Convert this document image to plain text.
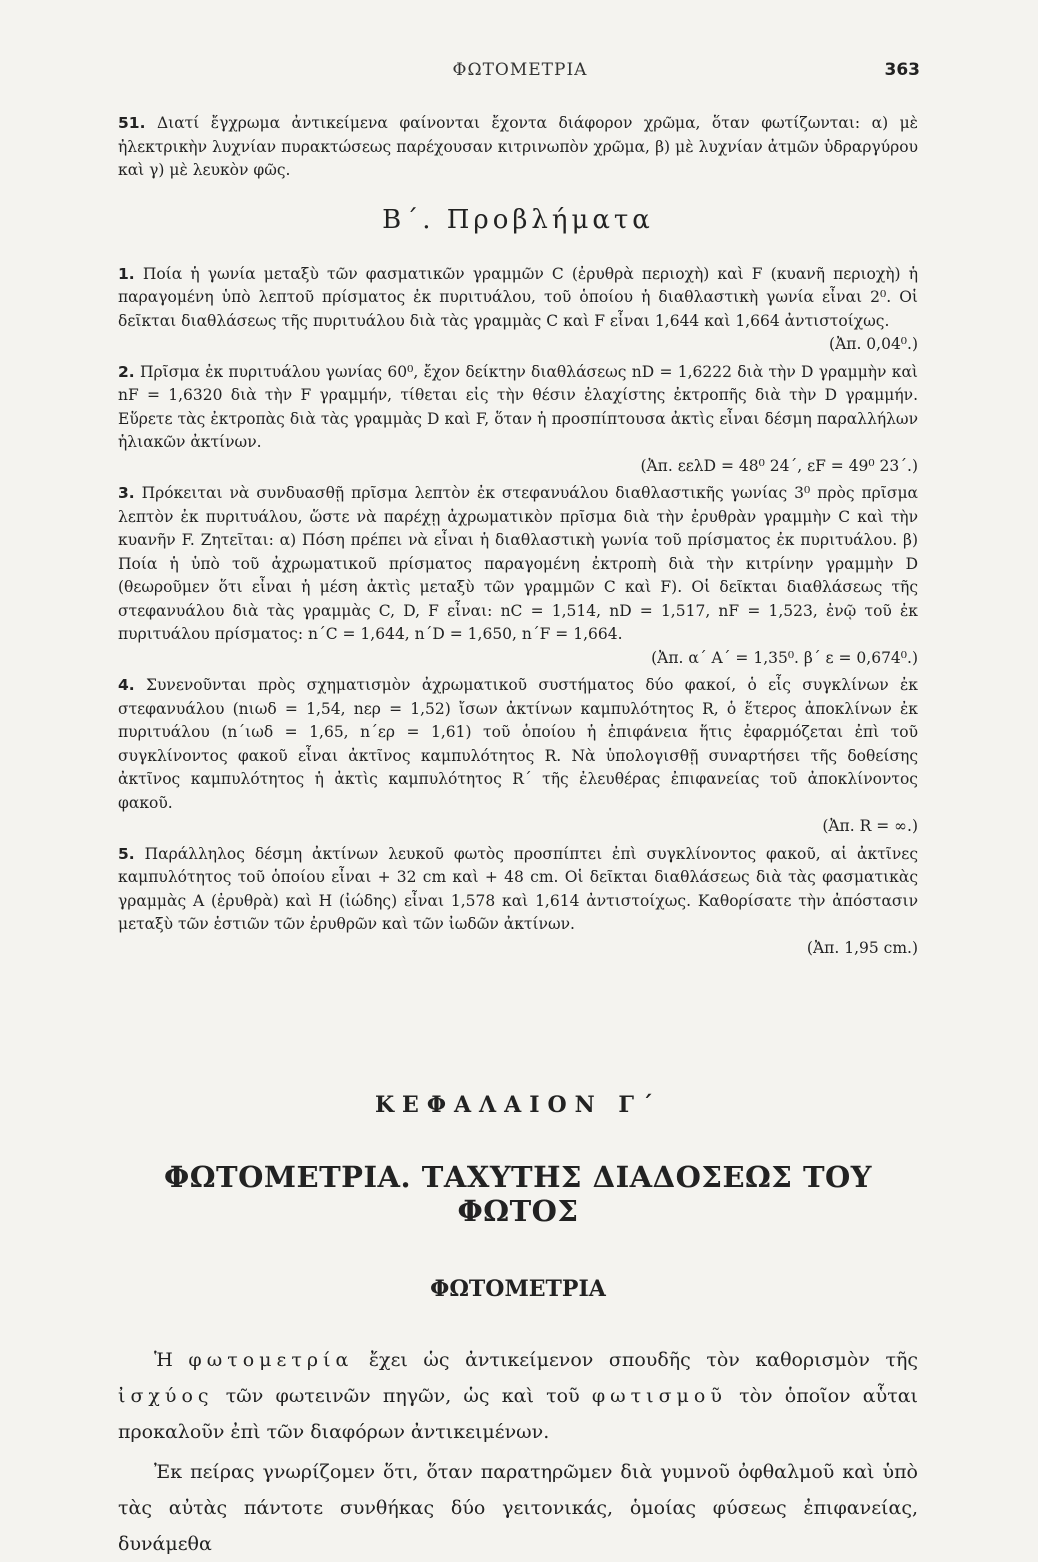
ΦΩΤΟΜΕΤΡΙΑ	363

51. Διατί ἔγχρωμα ἀντικείμενα φαίνονται ἔχοντα διάφορον χρῶμα, ὅταν φωτίζωνται: α) μὲ ἠλεκτρικὴν λυχνίαν πυρακτώσεως παρέχουσαν κιτρινωπὸν χρῶμα, β) μὲ λυχνίαν ἀτμῶν ὑδραργύρου καὶ γ) μὲ λευκὸν φῶς.

Β΄. Προβλήματα

1. Ποία ἡ γωνία μεταξὺ τῶν φασματικῶν γραμμῶν C (ἐρυθρὰ περιοχὴ) καὶ F (κυανῆ περιοχὴ) ἡ παραγομένη ὑπὸ λεπτοῦ πρίσματος ἐκ πυριτυάλου, τοῦ ὁποίου ἡ διαθλαστικὴ γωνία εἶναι 2⁰. Οἱ δεῖκται διαθλάσεως τῆς πυριτυάλου διὰ τὰς γραμμὰς C καὶ F εἶναι 1,644 καὶ 1,664 ἀντιστοίχως.
(Ἀπ. 0,04⁰.)

2. Πρῖσμα ἐκ πυριτυάλου γωνίας 60⁰, ἔχον δείκτην διαθλάσεως nD = 1,6222 διὰ τὴν D γραμμὴν καὶ nF = 1,6320 διὰ τὴν F γραμμήν, τίθεται εἰς τὴν θέσιν ἐλαχίστης ἐκτροπῆς διὰ τὴν D γραμμήν. Εὕρετε τὰς ἐκτροπὰς διὰ τὰς γραμμὰς D καὶ F, ὅταν ἡ προσπίπτουσα ἀκτὶς εἶναι δέσμη παραλλήλων ἡλιακῶν ἀκτίνων.
(Ἀπ. εελD = 48⁰ 24΄, εF = 49⁰ 23΄.)

3. Πρόκειται νὰ συνδυασθῇ πρῖσμα λεπτὸν ἐκ στεφανυάλου διαθλαστικῆς γωνίας 3⁰ πρὸς πρῖσμα λεπτὸν ἐκ πυριτυάλου, ὥστε νὰ παρέχῃ ἀχρωματικὸν πρῖσμα διὰ τὴν ἐρυθρὰν γραμμὴν C καὶ τὴν κυανῆν F. Ζητεῖται: α) Πόση πρέπει νὰ εἶναι ἡ διαθλαστικὴ γωνία τοῦ πρίσματος ἐκ πυριτυάλου. β) Ποία ἡ ὑπὸ τοῦ ἀχρωματικοῦ πρίσματος παραγομένη ἐκτροπὴ διὰ τὴν κιτρίνην γραμμὴν D (θεωροῦμεν ὅτι εἶναι ἡ μέση ἀκτὶς μεταξὺ τῶν γραμμῶν C καὶ F). Οἱ δεῖκται διαθλάσεως τῆς στεφανυάλου διὰ τὰς γραμμὰς C, D, F εἶναι: nC = 1,514, nD = 1,517, nF = 1,523, ἐνῷ τοῦ ἐκ πυριτυάλου πρίσματος: n΄C = 1,644, n΄D = 1,650, n΄F = 1,664.
(Ἀπ. α΄ Α΄ = 1,35⁰. β΄ ε = 0,674⁰.)

4. Συνενοῦνται πρὸς σχηματισμὸν ἀχρωματικοῦ συστήματος δύο φακοί, ὁ εἷς συγκλίνων ἐκ στεφανυάλου (nιωδ = 1,54, nερ = 1,52) ἴσων ἀκτίνων καμπυλότητος R, ὁ ἕτερος ἀποκλίνων ἐκ πυριτυάλου (n΄ιωδ = 1,65, n΄ερ = 1,61) τοῦ ὁποίου ἡ ἐπιφάνεια ἥτις ἐφαρμόζεται ἐπὶ τοῦ συγκλίνοντος φακοῦ εἶναι ἀκτῖνος καμπυλότητος R. Νὰ ὑπολογισθῇ συναρτήσει τῆς δοθείσης ἀκτῖνος καμπυλότητος ἡ ἀκτὶς καμπυλότητος R΄ τῆς ἐλευθέρας ἐπιφανείας τοῦ ἀποκλίνοντος φακοῦ.
(Ἀπ. R = ∞.)

5. Παράλληλος δέσμη ἀκτίνων λευκοῦ φωτὸς προσπίπτει ἐπὶ συγκλίνοντος φακοῦ, αἱ ἀκτῖνες καμπυλότητος τοῦ ὁποίου εἶναι + 32 cm καὶ + 48 cm. Οἱ δεῖκται διαθλάσεως διὰ τὰς φασματικὰς γραμμὰς Α (ἐρυθρὰ) καὶ Η (ἰώδης) εἶναι 1,578 καὶ 1,614 ἀντιστοίχως. Καθορίσατε τὴν ἀπόστασιν μεταξὺ τῶν ἑστιῶν τῶν ἐρυθρῶν καὶ τῶν ἰωδῶν ἀκτίνων.
(Ἀπ. 1,95 cm.)

ΚΕΦΑΛΑΙΟΝ Γ΄
ΦΩΤΟΜΕΤΡΙΑ. ΤΑΧΥΤΗΣ ΔΙΑΔΟΣΕΩΣ ΤΟΥ ΦΩΤΟΣ
ΦΩΤΟΜΕΤΡΙΑ

Ἡ φωτομετρία ἔχει ὡς ἀντικείμενον σπουδῆς τὸν καθορισμὸν τῆς ἰσχύος τῶν φωτεινῶν πηγῶν, ὡς καὶ τοῦ φωτισμοῦ τὸν ὁποῖον αὗται προκαλοῦν ἐπὶ τῶν διαφόρων ἀντικειμένων.

Ἐκ πείρας γνωρίζομεν ὅτι, ὅταν παρατηρῶμεν διὰ γυμνοῦ ὀφθαλμοῦ καὶ ὑπὸ τὰς αὐτὰς πάντοτε συνθήκας δύο γειτονικάς, ὁμοίας φύσεως ἐπιφανείας, δυνάμεθα
